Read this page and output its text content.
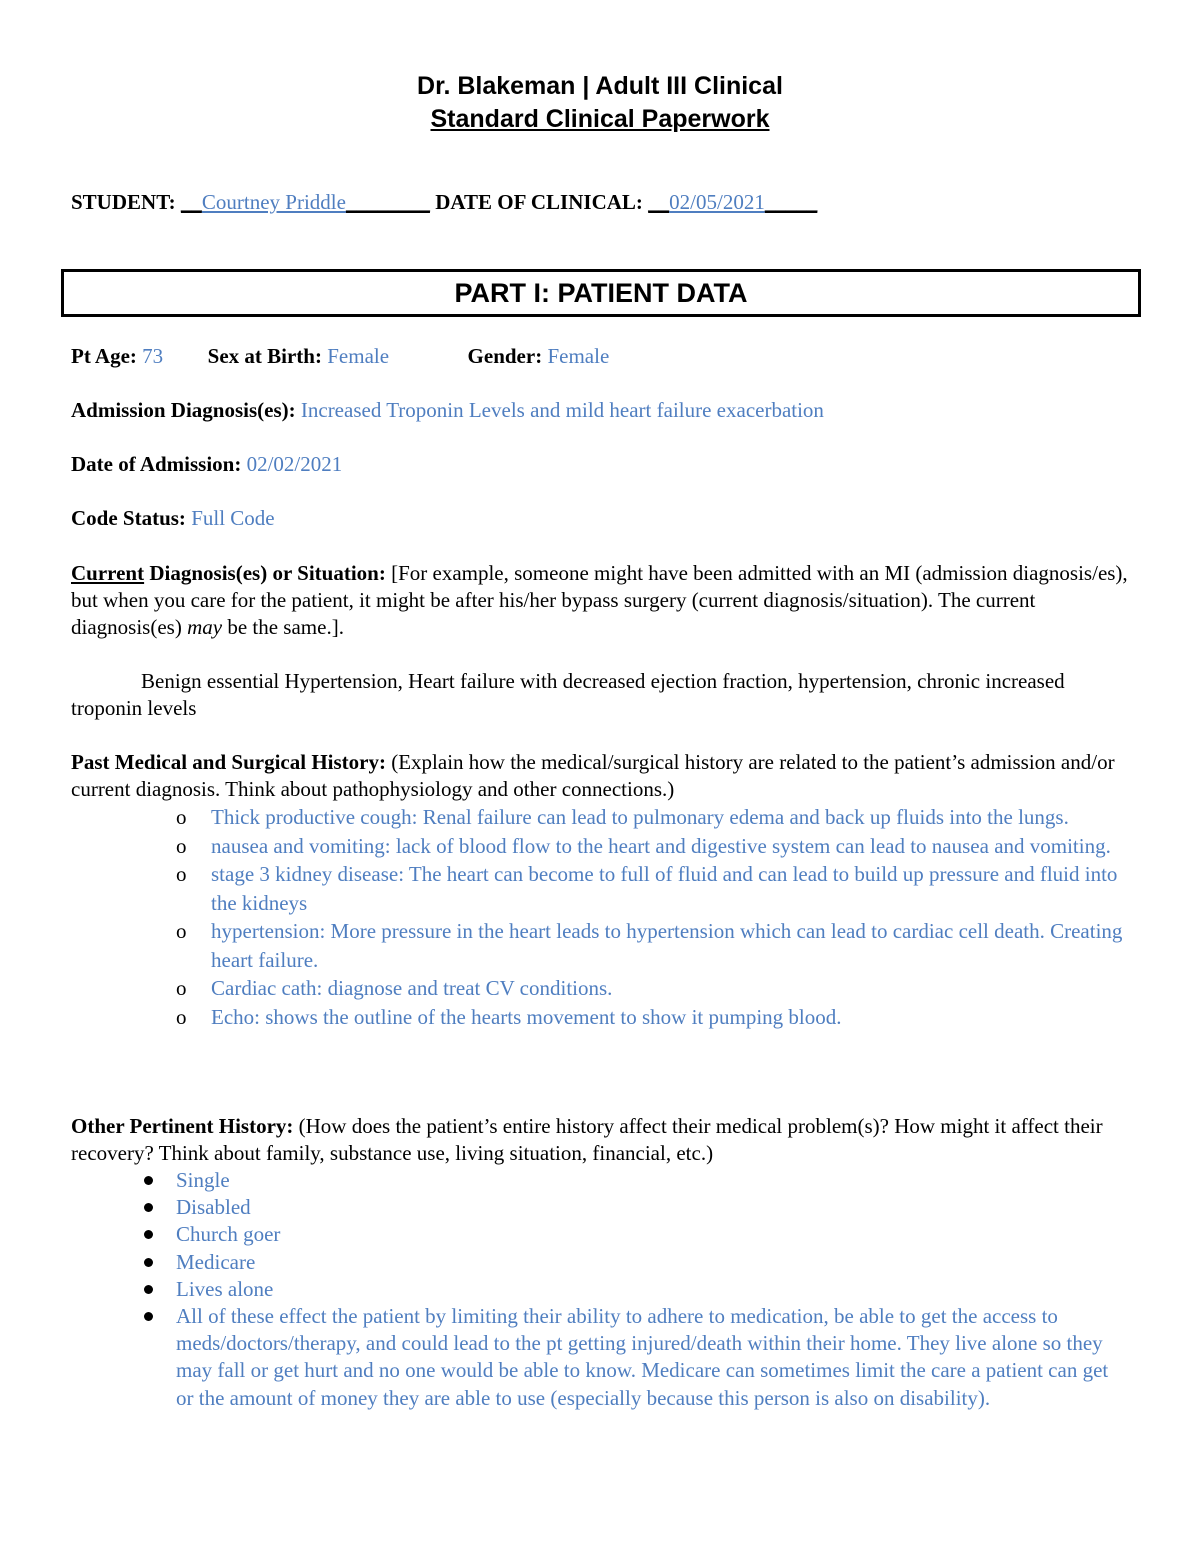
Dr. Blakeman | Adult III Clinical
Standard Clinical Paperwork
STUDENT: __Courtney Priddle________ DATE OF CLINICAL: __02/05/2021_____
PART I: PATIENT DATA
Pt Age: 73 Sex at Birth: Female	Gender: Female
Admission Diagnosis(es): Increased Troponin Levels and mild heart failure exacerbation
Date of Admission: 02/02/2021
Code Status: Full Code
Current Diagnosis(es) or Situation: [For example, someone might have been admitted with an MI (admission diagnosis/es), but when you care for the patient, it might be after his/her bypass surgery (current diagnosis/situation). The current diagnosis(es) may be the same.].
Benign essential Hypertension, Heart failure with decreased ejection fraction, hypertension, chronic increased troponin levels
Past Medical and Surgical History: (Explain how the medical/surgical history are related to the patient’s admission and/or current diagnosis. Think about pathophysiology and other connections.)
o Thick productive cough: Renal failure can lead to pulmonary edema and back up fluids into the lungs.
o nausea and vomiting: lack of blood flow to the heart and digestive system can lead to nausea and vomiting.
o stage 3 kidney disease: The heart can become to full of fluid and can lead to build up pressure and fluid into the kidneys
o hypertension: More pressure in the heart leads to hypertension which can lead to cardiac cell death. Creating heart failure.
o Cardiac cath: diagnose and treat CV conditions.
o Echo: shows the outline of the hearts movement to show it pumping blood.
Other Pertinent History: (How does the patient’s entire history affect their medical problem(s)? How might it affect their recovery? Think about family, substance use, living situation, financial, etc.)
Single
Disabled
Church goer
Medicare
Lives alone
All of these effect the patient by limiting their ability to adhere to medication, be able to get the access to meds/doctors/therapy, and could lead to the pt getting injured/death within their home. They live alone so they may fall or get hurt and no one would be able to know. Medicare can sometimes limit the care a patient can get or the amount of money they are able to use (especially because this person is also on disability).
